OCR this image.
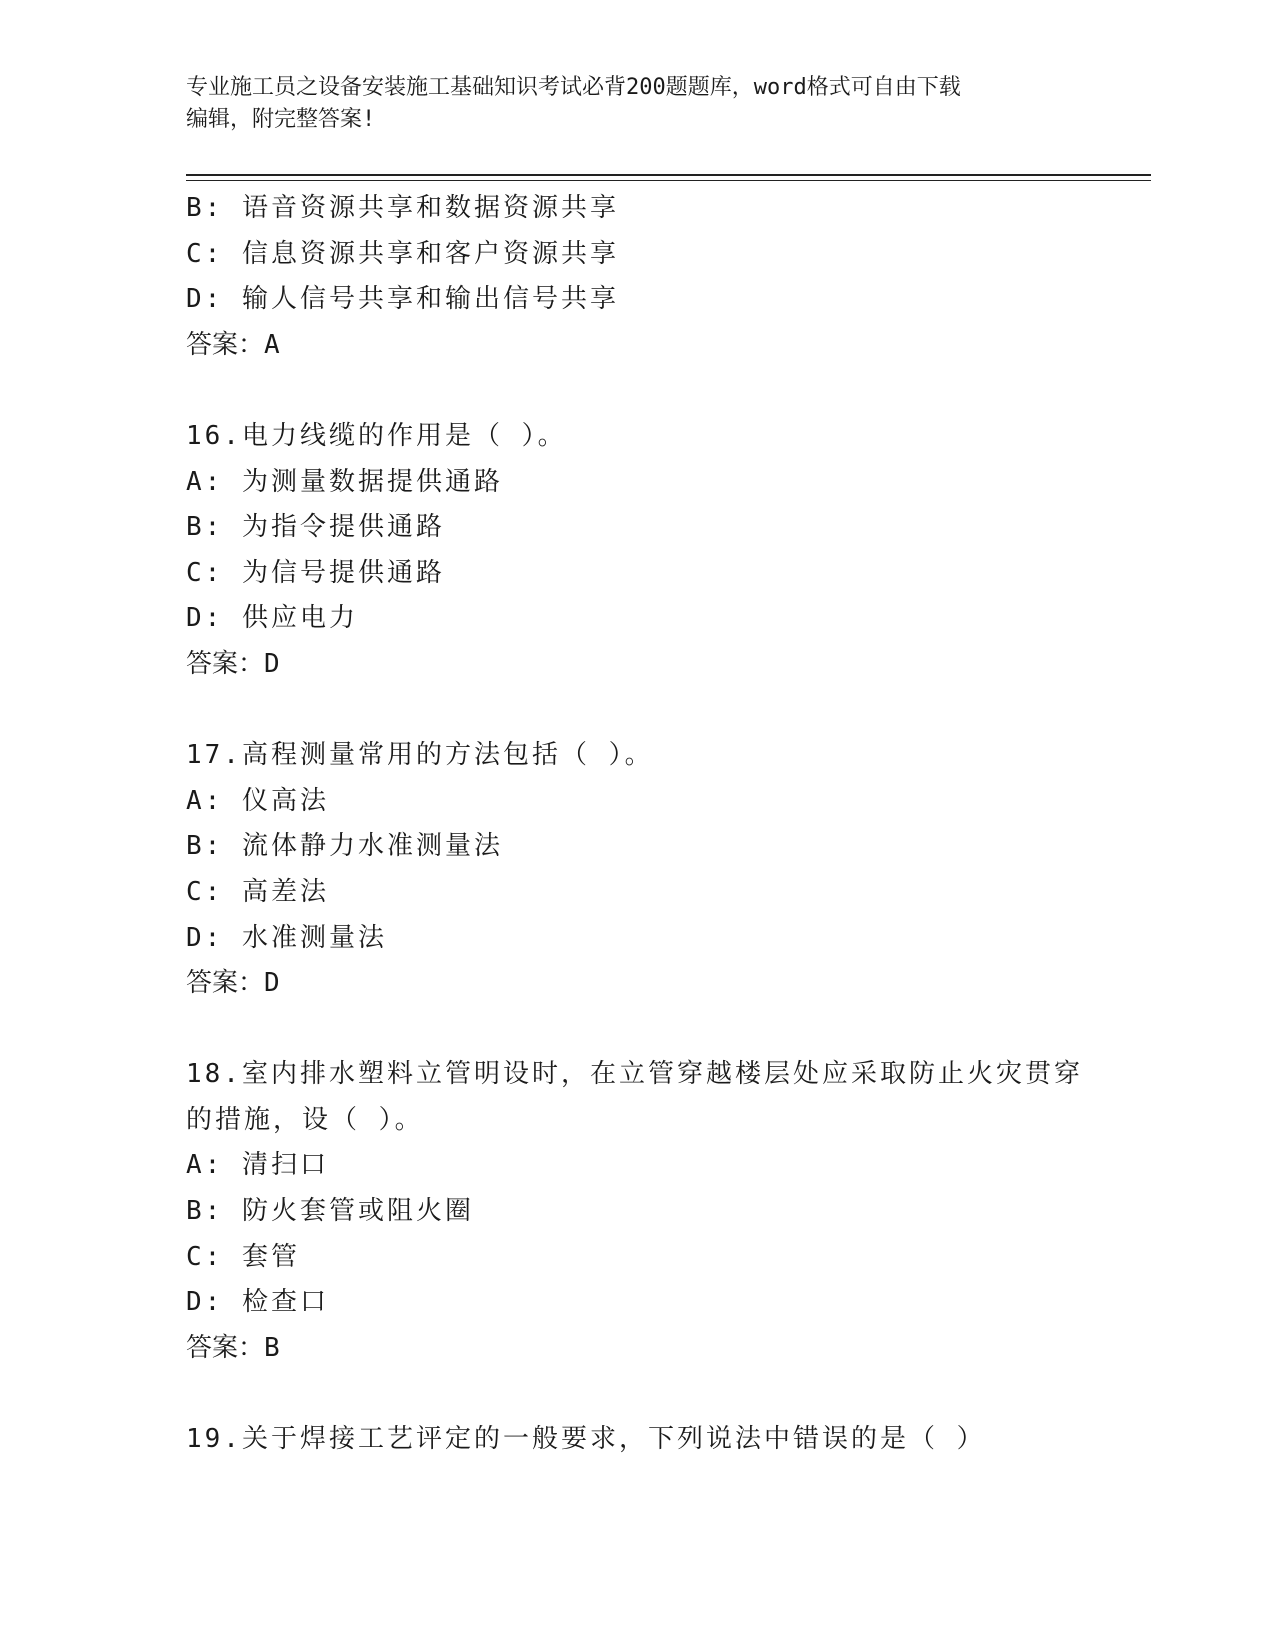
专业施工员之设备安装施工基础知识考试必背200题题库，word格式可自由下载
编辑，附完整答案!
B: 语音资源共享和数据资源共享
C: 信息资源共享和客户资源共享
D: 输人信号共享和输出信号共享
答案：A
16.电力线缆的作用是（ ）。
A: 为测量数据提供通路
B: 为指令提供通路
C: 为信号提供通路
D: 供应电力
答案：D
17.高程测量常用的方法包括（ ）。
A: 仪高法
B: 流体静力水准测量法
C: 高差法
D: 水准测量法
答案：D
18.室内排水塑料立管明设时，在立管穿越楼层处应采取防止火灾贯穿
的措施，设（ ）。
A: 清扫口
B: 防火套管或阻火圈
C: 套管
D: 检查口
答案：B
19.关于焊接工艺评定的一般要求，下列说法中错误的是（ ）
